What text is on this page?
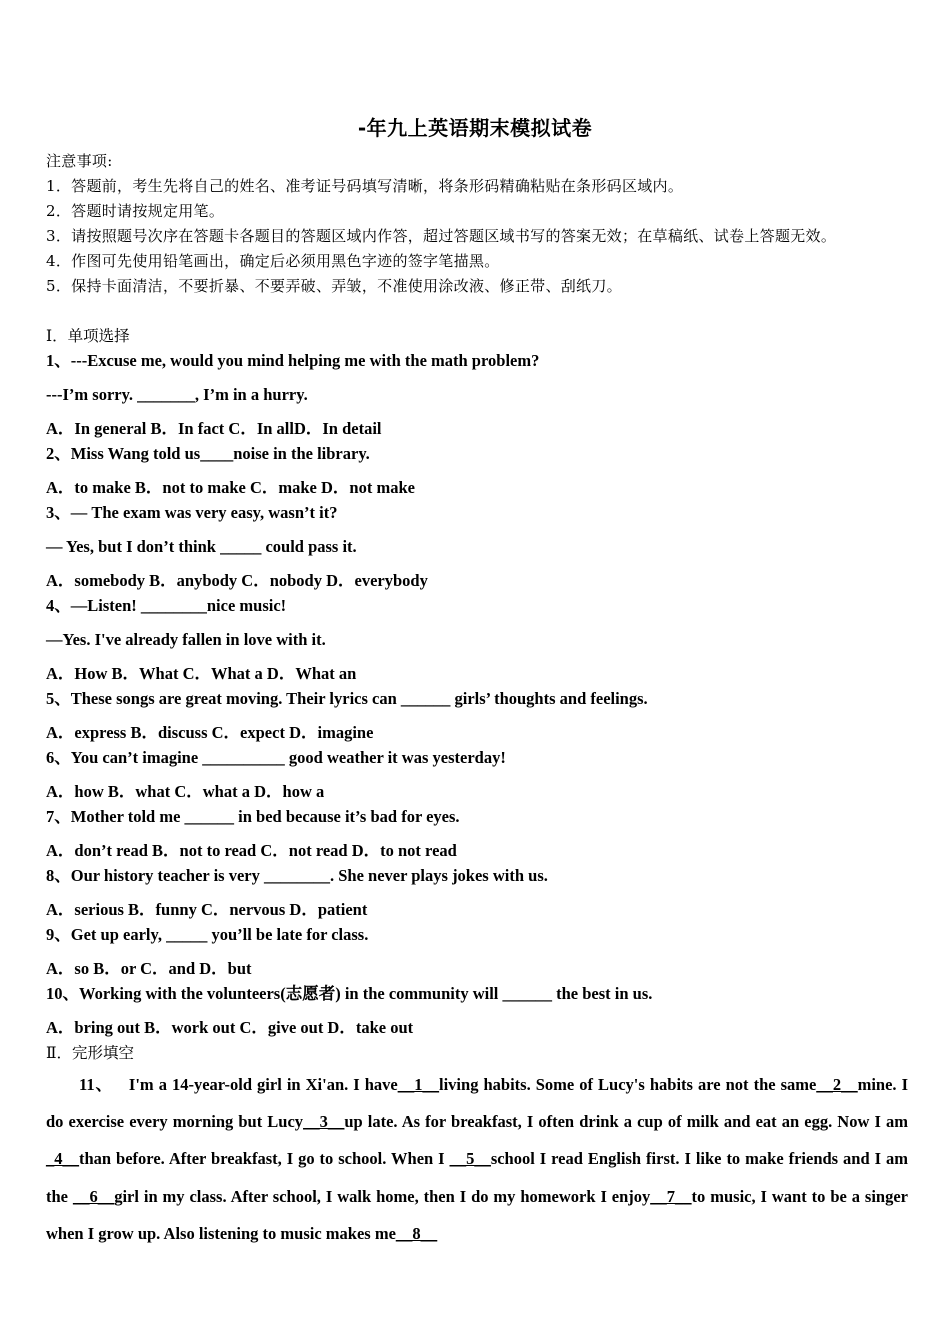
-年九上英语期末模拟试卷
注意事项:
1．答题前，考生先将自己的姓名、准考证号码填写清晰，将条形码精确粘贴在条形码区域内。
2．答题时请按规定用笔。
3．请按照题号次序在答题卡各题目的答题区域内作答，超过答题区域书写的答案无效；在草稿纸、试卷上答题无效。
4．作图可先使用铅笔画出，确定后必须用黑色字迹的签字笔描黑。
5．保持卡面清洁，不要折暴、不要弄破、弄皱，不准使用涂改液、修正带、刮纸刀。
Ⅰ．单项选择
1、---Excuse me, would you mind helping me with the math problem?
---I’m sorry. _______, I’m in a hurry.
A．In general B．In fact C．In allD．In detail
2、Miss Wang told us____noise in the library.
A．to make B．not to make C．make D．not make
3、— The exam was very easy, wasn’t it?
— Yes, but I don’t think _____ could pass it.
A．somebody B．anybody C．nobody D．everybody
4、—Listen! ________nice music!
—Yes. I've already fallen in love with it.
A．How B．What C．What a D．What an
5、These songs are great moving. Their lyrics can ______ girls’ thoughts and feelings.
A．express B．discuss C．expect D．imagine
6、You can’t imagine __________ good weather it was yesterday!
A．how B．what C．what a D．how a
7、Mother told me ______ in bed because it’s bad for eyes.
A．don’t read B．not to read C．not read D．to not read
8、Our history teacher is very ________. She never plays jokes with us.
A．serious B．funny C．nervous D．patient
9、Get up early, _____ you’ll be late for class.
A．so B．or C．and D．but
10、Working with the volunteers(志愿者) in the community will ______ the best in us.
A．bring out B．work out C．give out D．take out
Ⅱ．完形填空
11、 I'm a 14-year-old girl in Xi'an. I have__1__living habits. Some of Lucy's habits are not the same__2__mine. I do exercise every morning but Lucy__3__up late. As for breakfast, I often drink a cup of milk and eat an egg. Now I am _4__than before. After breakfast, I go to school. When I __5__school I read English first. I like to make friends and I am the __6__girl in my class. After school, I walk home, then I do my homework I enjoy__7__to music, I want to be a singer when I grow up. Also listening to music makes me__8__
